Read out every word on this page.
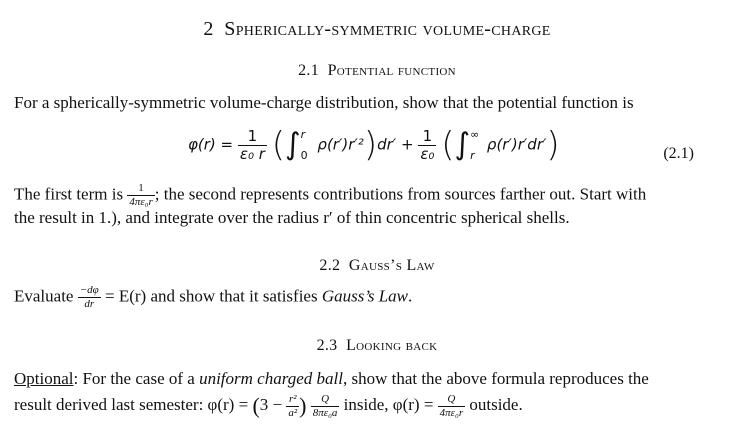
2 Spherically-symmetric volume-charge
2.1 Potential function
For a spherically-symmetric volume-charge distribution, show that the potential function is
$\varphi(r) = \frac{1}{\text{ε₀ r}}$ (∫ r
0
$\rho(r')r'^2)dr' + \frac{1}{\text{ε₀}}$ (∫ ∞
r
ρ(r′)r′dr′)	(2.1)
The first term is $\frac{1}{\text{4πε₀r}}$ ; the second represents contributions from sources farther out. Start with
the result in 1.), and integrate over the radius r′ of thin concentric spherical shells.
2.2 Gauss’s Law
Evaluate $\frac{-d\varphi}{dr} = E(r)$ and show that it satisfies Gauss’s Law.
2.3 Looking back
Optional: For the case of a uniform charged ball, show that the above formula reproduces the
result derived last semester: $\varphi(r) = (3 - \frac{\text{r²}}{\text{a²}}$ ) $\frac{Q}{\text{8πε₀a}}$ inside, $\varphi(r) = \frac{Q}{\text{4πε₀r}}$ outside.
